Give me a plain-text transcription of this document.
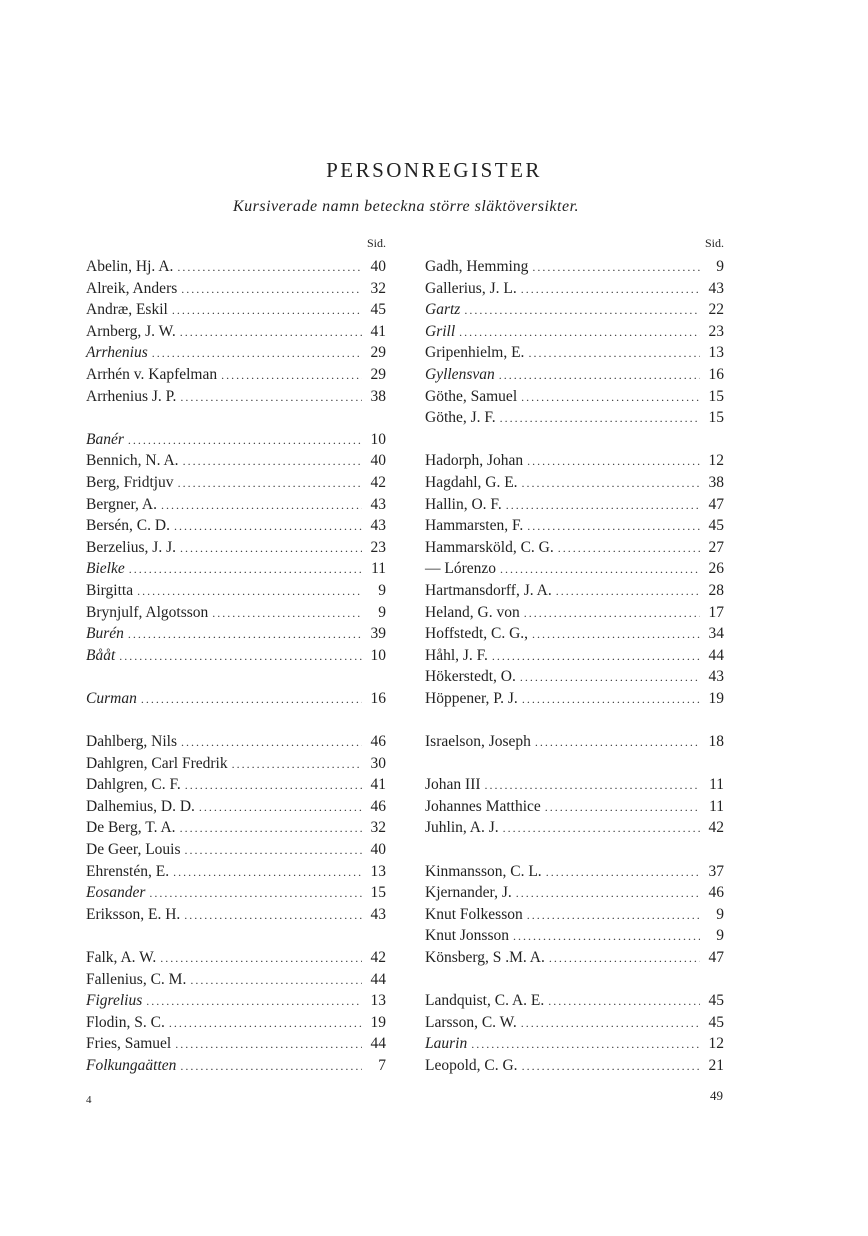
PERSONREGISTER
Kursiverade namn beteckna större släktöversikter.
Sid.
Abelin, Hj. A. .....	40
Alreik, Anders .....	32
Andræ, Eskil .....	45
Arnberg, J. W. .....	41
Arrhenius .....	29
Arrhén v. Kapfelman .....	29
Arrhenius J. P. .....	38
Banér .....	10
Bennich, N. A. .....	40
Berg, Fridtjuv .....	42
Bergner, A. .....	43
Bersén, C. D. .....	43
Berzelius, J. J. .....	23
Bielke .....	11
Birgitta .....	9
Brynjulf, Algotsson .....	9
Burén .....	39
Bååt .....	10
Curman .....	16
Dahlberg, Nils .....	46
Dahlgren, Carl Fredrik .....	30
Dahlgren, C. F. .....	41
Dalhemius, D. D. .....	46
De Berg, T. A. .....	32
De Geer, Louis .....	40
Ehrenstén, E. .....	13
Eosander .....	15
Eriksson, E. H. .....	43
Falk, A. W. .....	42
Fallenius, C. M. .....	44
Figrelius .....	13
Flodin, S. C. .....	19
Fries, Samuel .....	44
Folkungaätten .....	7
Sid.
Gadh, Hemming .....	9
Gallerius, J. L. .....	43
Gartz .....	22
Grill .....	23
Gripenhielm, E. .....	13
Gyllensvan .....	16
Göthe, Samuel .....	15
Göthe, J. F. .....	15
Hadorph, Johan .....	12
Hagdahl, G. E. .....	38
Hallin, O. F. .....	47
Hammarsten, F. .....	45
Hammarsköld, C. G. .....	27
— Lórenzo .....	26
Hartmansdorff, J. A. .....	28
Heland, G. von .....	17
Hoffstedt, C. G., .....	34
Håhl, J. F. .....	44
Hökerstedt, O. .....	43
Höppener, P. J. .....	19
Israelson, Joseph .....	18
Johan III .....	11
Johannes Matthice .....	11
Juhlin, A. J. .....	42
Kinmansson, C. L. .....	37
Kjernander, J. .....	46
Knut Folkesson .....	9
Knut Jonsson .....	9
Könsberg, S .M. A. .....	47
Landquist, C. A. E. .....	45
Larsson, C. W. .....	45
Laurin .....	12
Leopold, C. G. .....	21
4	49
